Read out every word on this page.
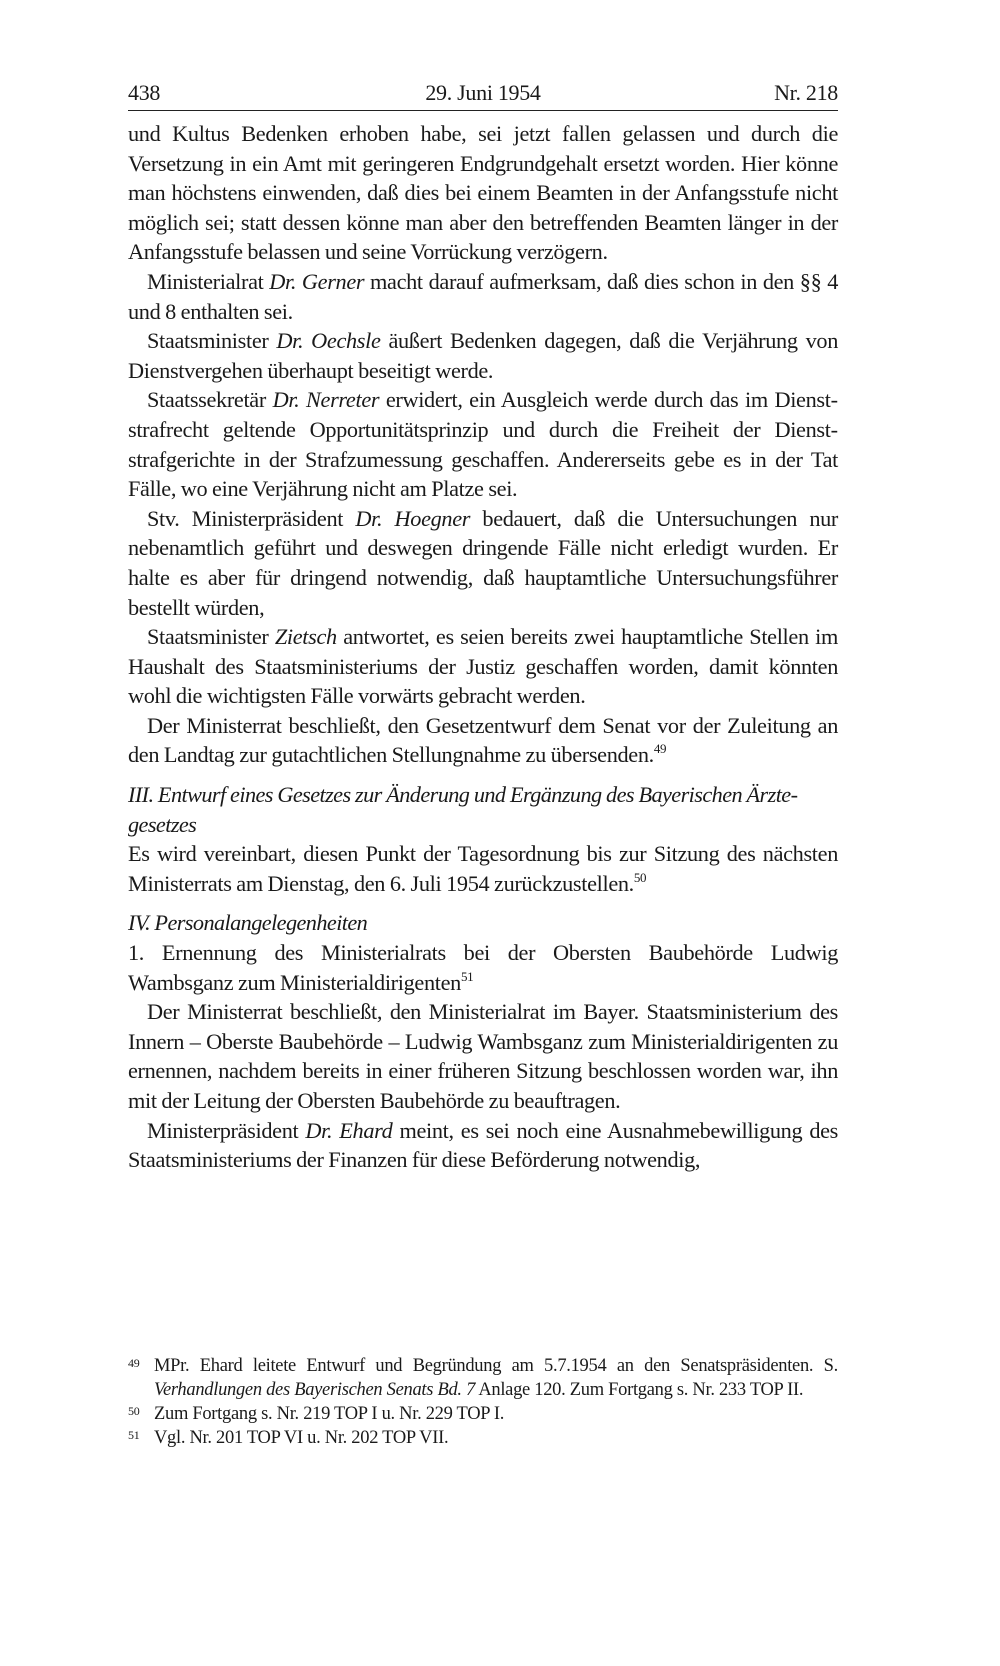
438	29. Juni 1954	Nr. 218

und Kultus Bedenken erhoben habe, sei jetzt fallen gelassen und durch die Versetzung in ein Amt mit geringeren Endgrundgehalt ersetzt worden. Hier könne man höchstens einwenden, daß dies bei einem Beamten in der Anfangsstufe nicht möglich sei; statt dessen könne man aber den betreffenden Beamten länger in der Anfangsstufe belassen und seine Vorrückung verzögern.

Ministerialrat Dr. Gerner macht darauf aufmerksam, daß dies schon in den §§ 4 und 8 enthalten sei.

Staatsminister Dr. Oechsle äußert Bedenken dagegen, daß die Verjährung von Dienstvergehen überhaupt beseitigt werde.

Staatssekretär Dr. Nerreter erwidert, ein Ausgleich werde durch das im Dienststrafrecht geltende Opportunitätsprinzip und durch die Freiheit der Dienststrafgerichte in der Strafzumessung geschaffen. Andererseits gebe es in der Tat Fälle, wo eine Verjährung nicht am Platze sei.

Stv. Ministerpräsident Dr. Hoegner bedauert, daß die Untersuchungen nur nebenamtlich geführt und deswegen dringende Fälle nicht erledigt wurden. Er halte es aber für dringend notwendig, daß hauptamtliche Untersuchungsführer bestellt würden,

Staatsminister Zietsch antwortet, es seien bereits zwei hauptamtliche Stellen im Haushalt des Staatsministeriums der Justiz geschaffen worden, damit könnten wohl die wichtigsten Fälle vorwärts gebracht werden.

Der Ministerrat beschließt, den Gesetzentwurf dem Senat vor der Zuleitung an den Landtag zur gutachtlichen Stellungnahme zu übersenden.$^{49}$

III. Entwurf eines Gesetzes zur Änderung und Ergänzung des Bayerischen Ärztegesetzes

Es wird vereinbart, diesen Punkt der Tagesordnung bis zur Sitzung des nächsten Ministerrats am Dienstag, den 6. Juli 1954 zurückzustellen.$^{50}$

IV. Personalangelegenheiten

1. Ernennung des Ministerialrats bei der Obersten Baubehörde Ludwig Wambsganz zum Ministerialdirigenten$^{51}$

Der Ministerrat beschließt, den Ministerialrat im Bayer. Staatsministerium des Innern – Oberste Baubehörde – Ludwig Wambsganz zum Ministerialdirigenten zu ernennen, nachdem bereits in einer früheren Sitzung beschlossen worden war, ihn mit der Leitung der Obersten Baubehörde zu beauftragen.

Ministerpräsident Dr. Ehard meint, es sei noch eine Ausnahmebewilligung des Staatsministeriums der Finanzen für diese Beförderung notwendig,

49 MPr. Ehard leitete Entwurf und Begründung am 5.7.1954 an den Senatspräsidenten. S. Verhandlungen des Bayerischen Senats Bd. 7 Anlage 120. Zum Fortgang s. Nr. 233 TOP II.
50 Zum Fortgang s. Nr. 219 TOP I u. Nr. 229 TOP I.
51 Vgl. Nr. 201 TOP VI u. Nr. 202 TOP VII.
